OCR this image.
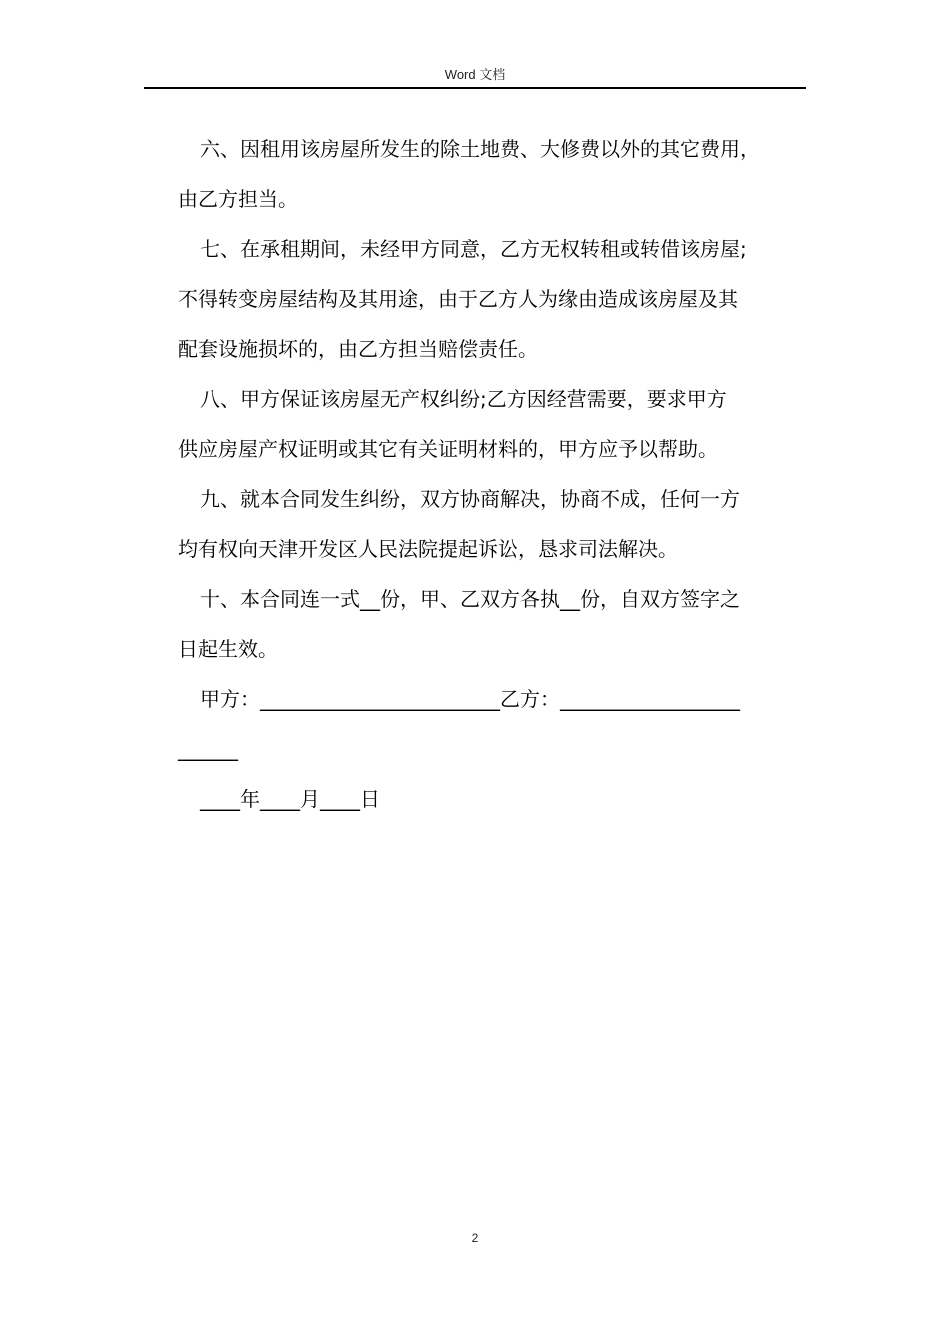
Word 文档

六、因租用该房屋所发生的除土地费、大修费以外的其它费用，
由乙方担当。

七、在承租期间，未经甲方同意，乙方无权转租或转借该房屋;
不得转变房屋结构及其用途，由于乙方人为缘由造成该房屋及其
配套设施损坏的，由乙方担当赔偿责任。

八、甲方保证该房屋无产权纠纷;乙方因经营需要，要求甲方
供应房屋产权证明或其它有关证明材料的，甲方应予以帮助。

九、就本合同发生纠纷，双方协商解决，协商不成，任何一方
均有权向天津开发区人民法院提起诉讼，恳求司法解决。

十、本合同连一式__份，甲、乙双方各执__份，自双方签字之
日起生效。

甲方：________________________乙方：__________________
______

____年____月____日

2
